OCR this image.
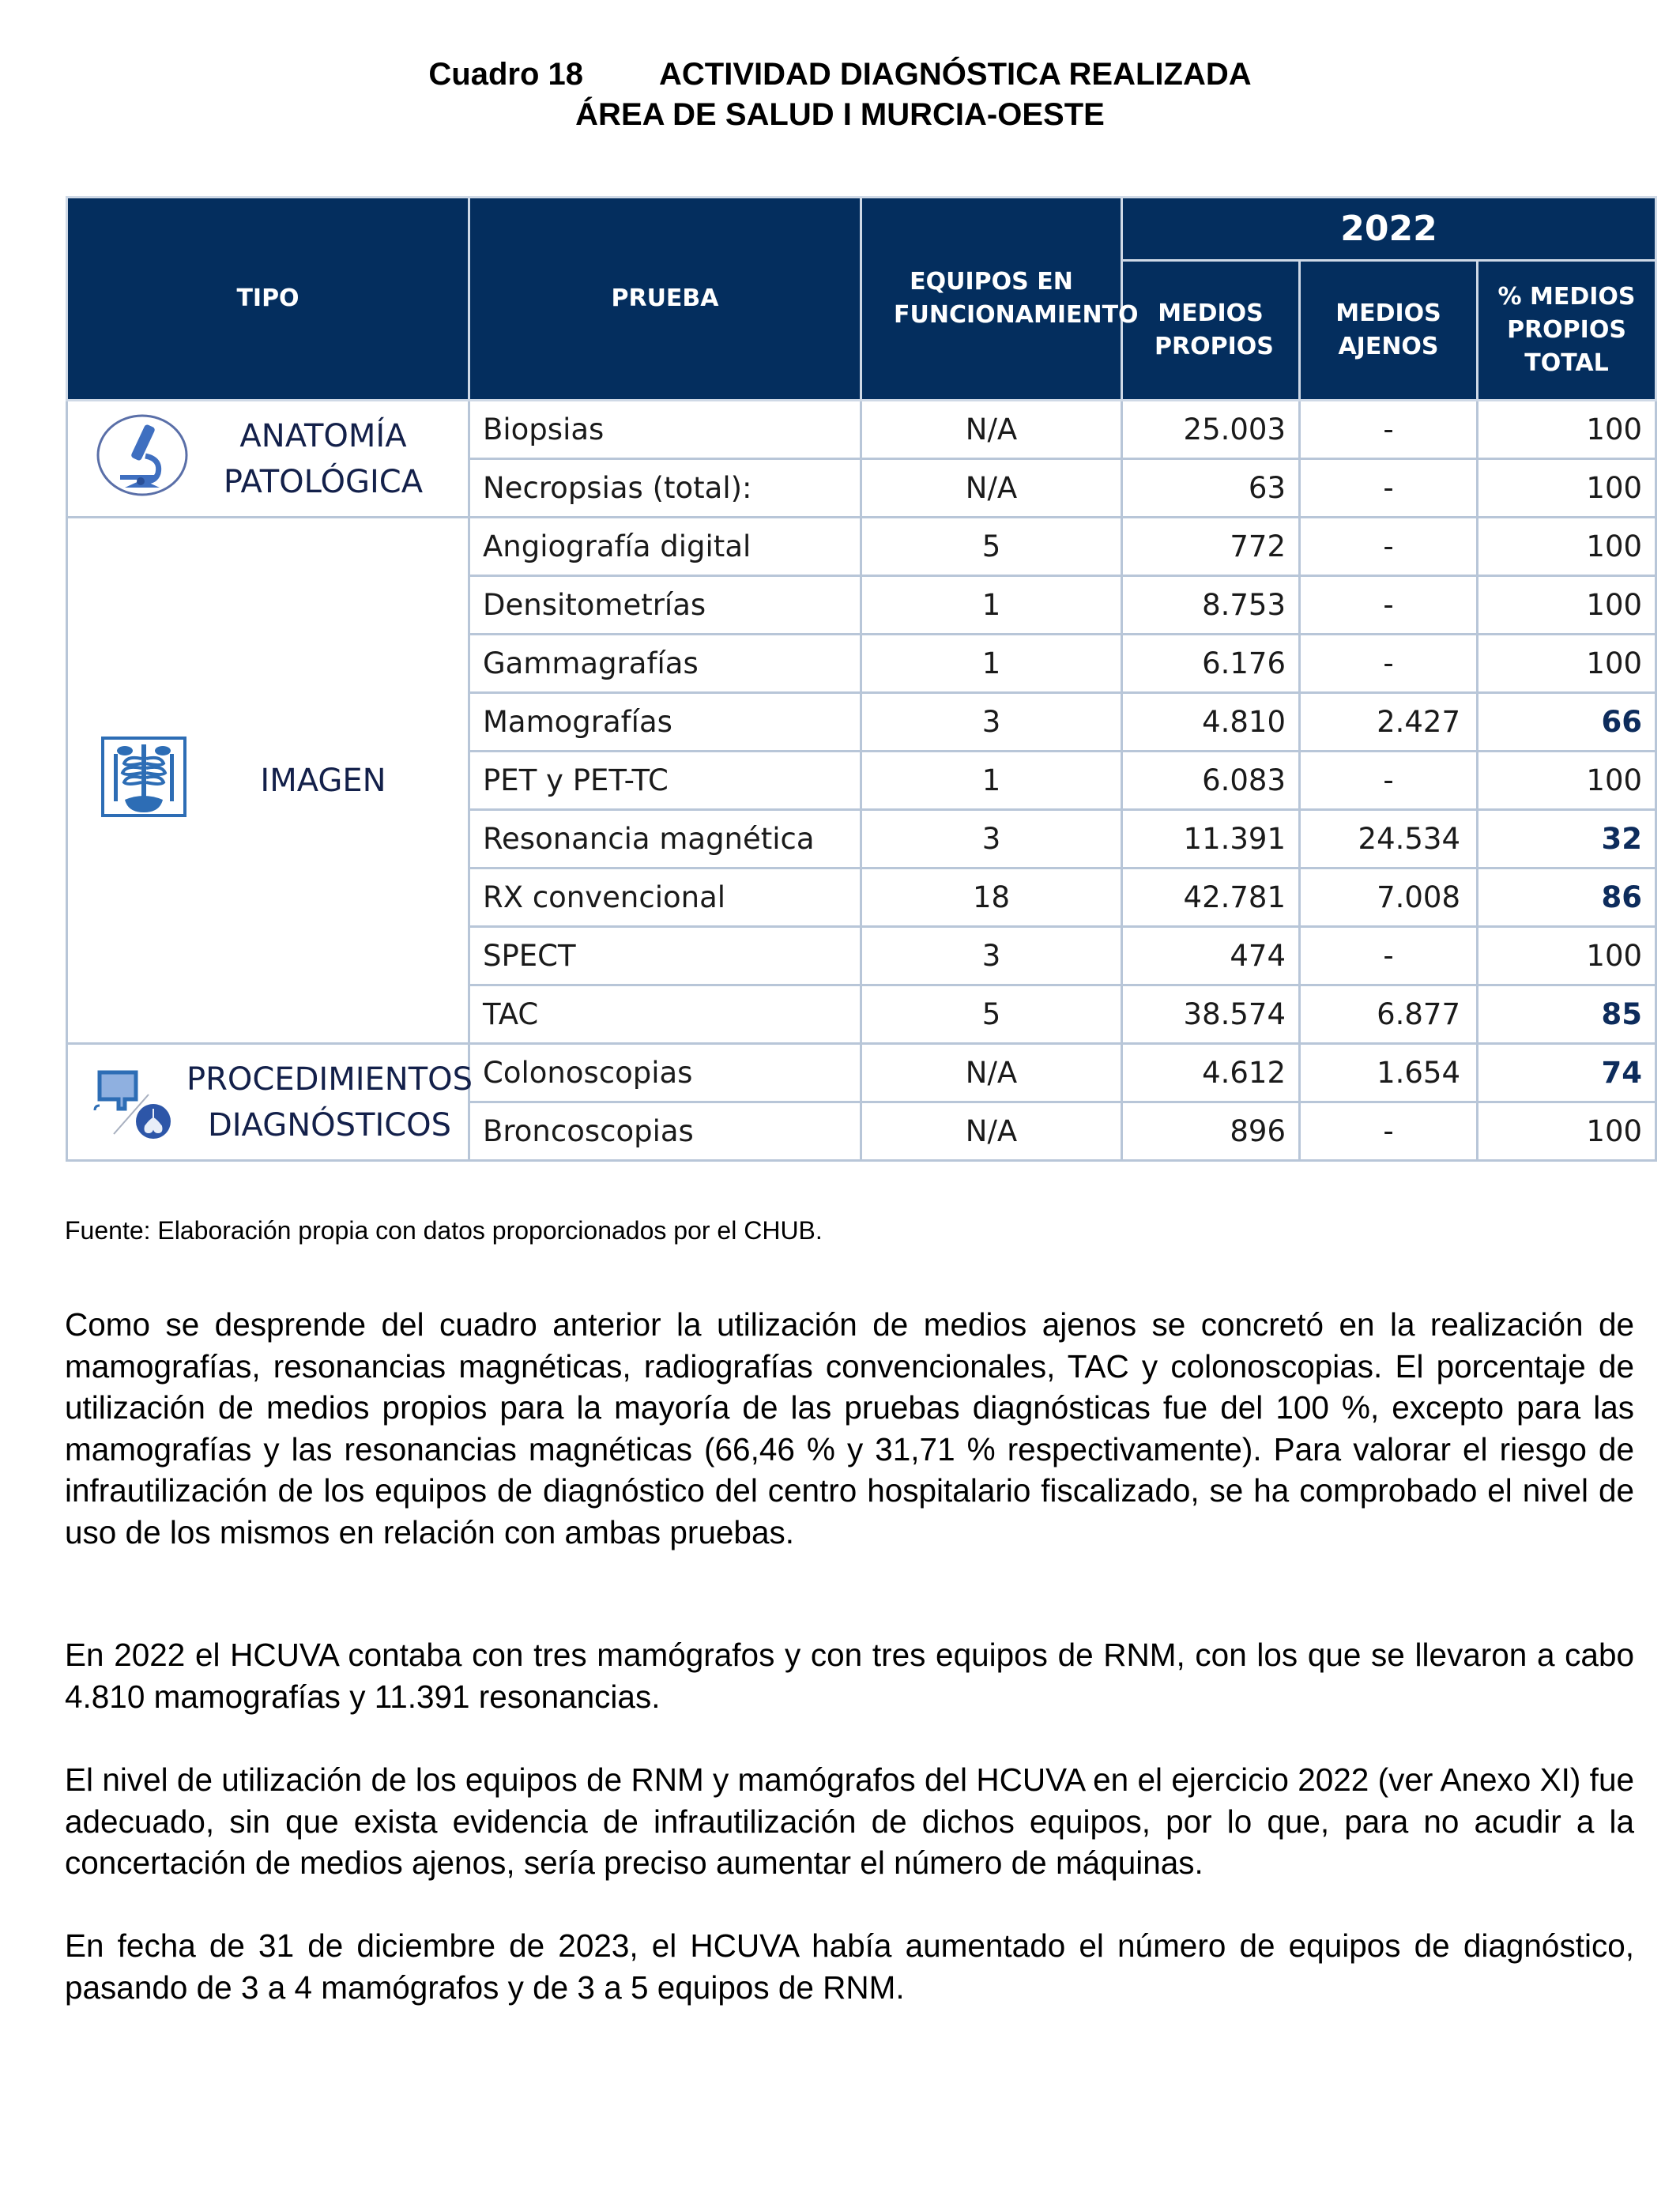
Cuadro 18 ACTIVIDAD DIAGNÓSTICA REALIZADA
ÁREA DE SALUD I MURCIA-OESTE
TIPO	PRUEBA	EQUIPOS EN FUNCIONAMIENTO	2022		
			MEDIOS PROPIOS	MEDIOS AJENOS	% MEDIOS PROPIOS TOTAL

ANATOMÍA
PATOLÓGICA	Biopsias	N/A	25.003	-	100
	Necropsias (total):	N/A	63	-	100

IMAGEN	Angiografía digital	5	772	-	100
	Densitometrías	1	8.753	-	100
	Gammagrafías	1	6.176	-	100
	Mamografías	3	4.810	2.427	66
	PET y PET-TC	1	6.083	-	100
	Resonancia magnética	3	11.391	24.534	32
	RX convencional	18	42.781	7.008	86
	SPECT	3	474	-	100
	TAC	5	38.574	6.877	85

PROCEDIMIENTOS
DIAGNÓSTICOS	Colonoscopias	N/A	4.612	1.654	74
	Broncoscopias	N/A	896	-	100
Fuente: Elaboración propia con datos proporcionados por el CHUB.

Como se desprende del cuadro anterior la utilización de medios ajenos se concretó en la realización de mamografías, resonancias magnéticas, radiografías convencionales, TAC y colonoscopias. El porcentaje de utilización de medios propios para la mayoría de las pruebas diagnósticas fue del 100 %, excepto para las mamografías y las resonancias magnéticas (66,46 % y 31,71 % respectivamente). Para valorar el riesgo de infrautilización de los equipos de diagnóstico del centro hospitalario fiscalizado, se ha comprobado el nivel de uso de los mismos en relación con ambas pruebas.

En 2022 el HCUVA contaba con tres mamógrafos y con tres equipos de RNM, con los que se llevaron a cabo 4.810 mamografías y 11.391 resonancias.

El nivel de utilización de los equipos de RNM y mamógrafos del HCUVA en el ejercicio 2022 (ver Anexo XI) fue adecuado, sin que exista evidencia de infrautilización de dichos equipos, por lo que, para no acudir a la concertación de medios ajenos, sería preciso aumentar el número de máquinas.

En fecha de 31 de diciembre de 2023, el HCUVA había aumentado el número de equipos de diagnóstico, pasando de 3 a 4 mamógrafos y de 3 a 5 equipos de RNM.
